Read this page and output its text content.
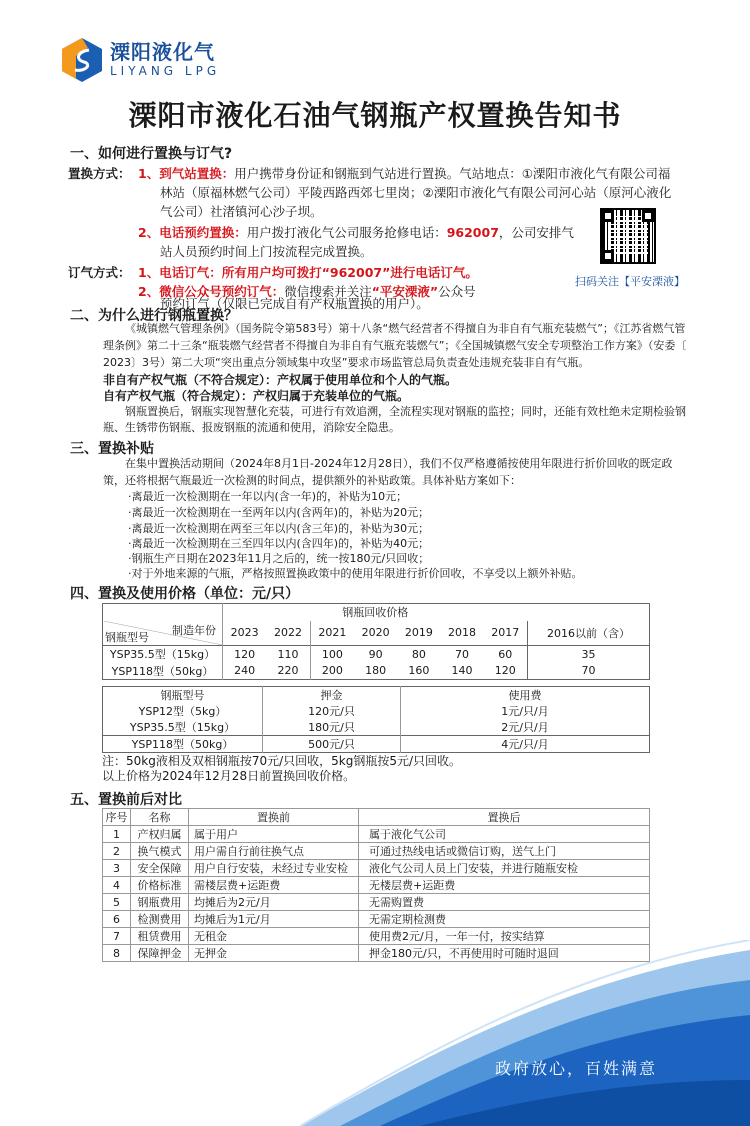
溧阳液化气
LIYANG LPG
溧阳市液化石油气钢瓶产权置换告知书
一、如何进行置换与订气?
置换方式： 1、到气站置换：用户携带身份证和钢瓶到气站进行置换。气站地点：①溧阳市液化气有限公司福
林站（原福林燃气公司）平陵西路西郊七里岗；②溧阳市液化气有限公司河心站（原河心液化
气公司）社渚镇河心沙子坝。
2、电话预约置换：用户拨打液化气公司服务抢修电话：962007，公司安排气
站人员预约时间上门按流程完成置换。
订气方式： 1、电话订气：所有用户均可拨打“962007”进行电话订气。
2、微信公众号预约订气：微信搜索并关注“平安溧液”公众号
预约订气（仅限已完成自有产权瓶置换的用户）。
扫码关注【平安溧液】
二、为什么进行钢瓶置换？
《城镇燃气管理条例》（国务院令第583号）第十八条“燃气经营者不得擅自为非自有气瓶充装燃气”；《江苏省燃气管
理条例》第二十三条“瓶装燃气经营者不得擅自为非自有气瓶充装燃气”；《全国城镇燃气安全专项整治工作方案》（安委〔
2023〕3号）第二大项“突出重点分领域集中攻坚”要求市场监管总局负责查处违规充装非自有气瓶。
非自有产权气瓶（不符合规定）：产权属于使用单位和个人的气瓶。
自有产权气瓶（符合规定）：产权归属于充装单位的气瓶。
钢瓶置换后，钢瓶实现智慧化充装，可进行有效追溯，全流程实现对钢瓶的监控；同时，还能有效杜绝未定期检验钢
瓶、生锈带伤钢瓶、报废钢瓶的流通和使用，消除安全隐患。
三、置换补贴
在集中置换活动期间（2024年8月1日-2024年12月28日），我们不仅严格遵循按使用年限进行折价回收的既定政
策，还将根据气瓶最近一次检测的时间点，提供额外的补贴政策。具体补贴方案如下：
·离最近一次检测期在一年以内(含一年)的，补贴为10元；
·离最近一次检测期在一至两年以内(含两年)的，补贴为20元；
·离最近一次检测期在两至三年以内(含三年)的，补贴为30元；
·离最近一次检测期在三至四年以内(含四年)的，补贴为40元；
·钢瓶生产日期在2023年11月之后的，统一按180元/只回收；
·对于外地来源的气瓶，严格按照置换政策中的使用年限进行折价回收，不享受以上额外补贴。
四、置换及使用价格（单位：元/只）
	钢瓶回收价格							

制造年份
钢瓶型号	2023	2022	2021	2020	2019	2018	2017	2016以前（含）
YSP35.5型（15kg）	120	110	100	90	80	70	60	35
YSP118型（50kg）	240	220	200	180	160	140	120	70
钢瓶型号	押金	使用费
YSP12型（5kg）	120元/只	1元/只/月
YSP35.5型（15kg）	180元/只	2元/只/月
YSP118型（50kg）	500元/只	4元/只/月
注：50kg液相及双相钢瓶按70元/只回收，5kg钢瓶按5元/只回收。
以上价格为2024年12月28日前置换回收价格。
五、置换前后对比
序号	名称	置换前	置换后
1	产权归属	属于用户	属于液化气公司
2	换气模式	用户需自行前往换气点	可通过热线电话或微信订购，送气上门
3	安全保障	用户自行安装，未经过专业安检	液化气公司人员上门安装，并进行随瓶安检
4	价格标准	需楼层费+运距费	无楼层费+运距费
5	钢瓶费用	均摊后为2元/月	无需购置费
6	检测费用	均摊后为1元/月	无需定期检测费
7	租赁费用	无租金	使用费2元/月，一年一付，按实结算
8	保障押金	无押金	押金180元/只，不再使用时可随时退回
政府放心，百姓满意
